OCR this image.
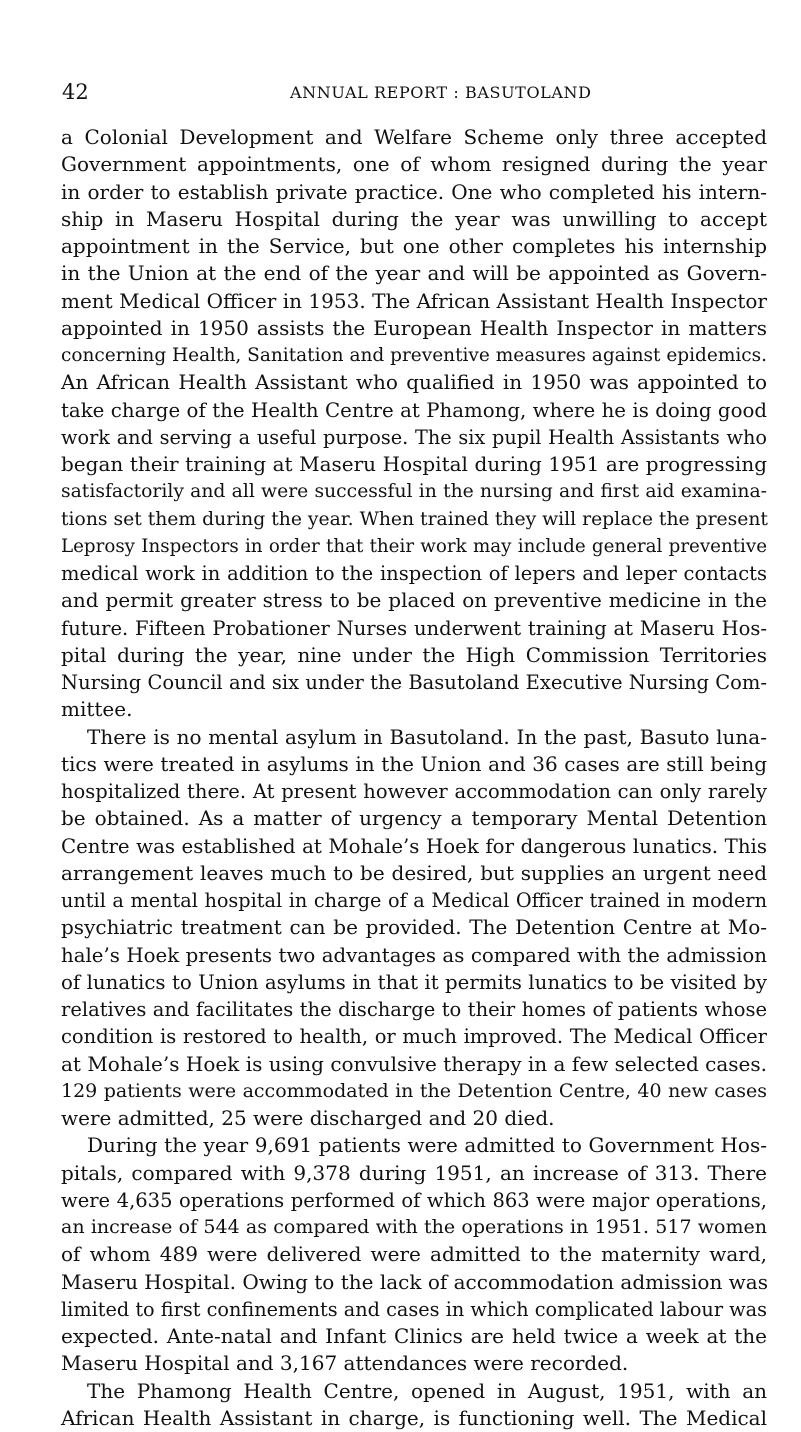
42	ANNUAL REPORT : BASUTOLAND
a Colonial Development and Welfare Scheme only three accepted
Government appointments, one of whom resigned during the year
in order to establish private practice. One who completed his intern-
ship in Maseru Hospital during the year was unwilling to accept
appointment in the Service, but one other completes his internship
in the Union at the end of the year and will be appointed as Govern-
ment Medical Officer in 1953. The African Assistant Health Inspector
appointed in 1950 assists the European Health Inspector in matters
concerning Health, Sanitation and preventive measures against epidemics.
An African Health Assistant who qualified in 1950 was appointed to
take charge of the Health Centre at Phamong, where he is doing good
work and serving a useful purpose. The six pupil Health Assistants who
began their training at Maseru Hospital during 1951 are progressing
satisfactorily and all were successful in the nursing and first aid examina-
tions set them during the year. When trained they will replace the present
Leprosy Inspectors in order that their work may include general preventive
medical work in addition to the inspection of lepers and leper contacts
and permit greater stress to be placed on preventive medicine in the
future. Fifteen Probationer Nurses underwent training at Maseru Hos-
pital during the year, nine under the High Commission Territories
Nursing Council and six under the Basutoland Executive Nursing Com-
mittee.
There is no mental asylum in Basutoland. In the past, Basuto luna-
tics were treated in asylums in the Union and 36 cases are still being
hospitalized there. At present however accommodation can only rarely
be obtained. As a matter of urgency a temporary Mental Detention
Centre was established at Mohale’s Hoek for dangerous lunatics. This
arrangement leaves much to be desired, but supplies an urgent need
until a mental hospital in charge of a Medical Officer trained in modern
psychiatric treatment can be provided. The Detention Centre at Mo-
hale’s Hoek presents two advantages as compared with the admission
of lunatics to Union asylums in that it permits lunatics to be visited by
relatives and facilitates the discharge to their homes of patients whose
condition is restored to health, or much improved. The Medical Officer
at Mohale’s Hoek is using convulsive therapy in a few selected cases.
129 patients were accommodated in the Detention Centre, 40 new cases
were admitted, 25 were discharged and 20 died.
During the year 9,691 patients were admitted to Government Hos-
pitals, compared with 9,378 during 1951, an increase of 313. There
were 4,635 operations performed of which 863 were major operations,
an increase of 544 as compared with the operations in 1951. 517 women
of whom 489 were delivered were admitted to the maternity ward,
Maseru Hospital. Owing to the lack of accommodation admission was
limited to first confinements and cases in which complicated labour was
expected. Ante-natal and Infant Clinics are held twice a week at the
Maseru Hospital and 3,167 attendances were recorded.
The Phamong Health Centre, opened in August, 1951, with an
African Health Assistant in charge, is functioning well. The Medical
